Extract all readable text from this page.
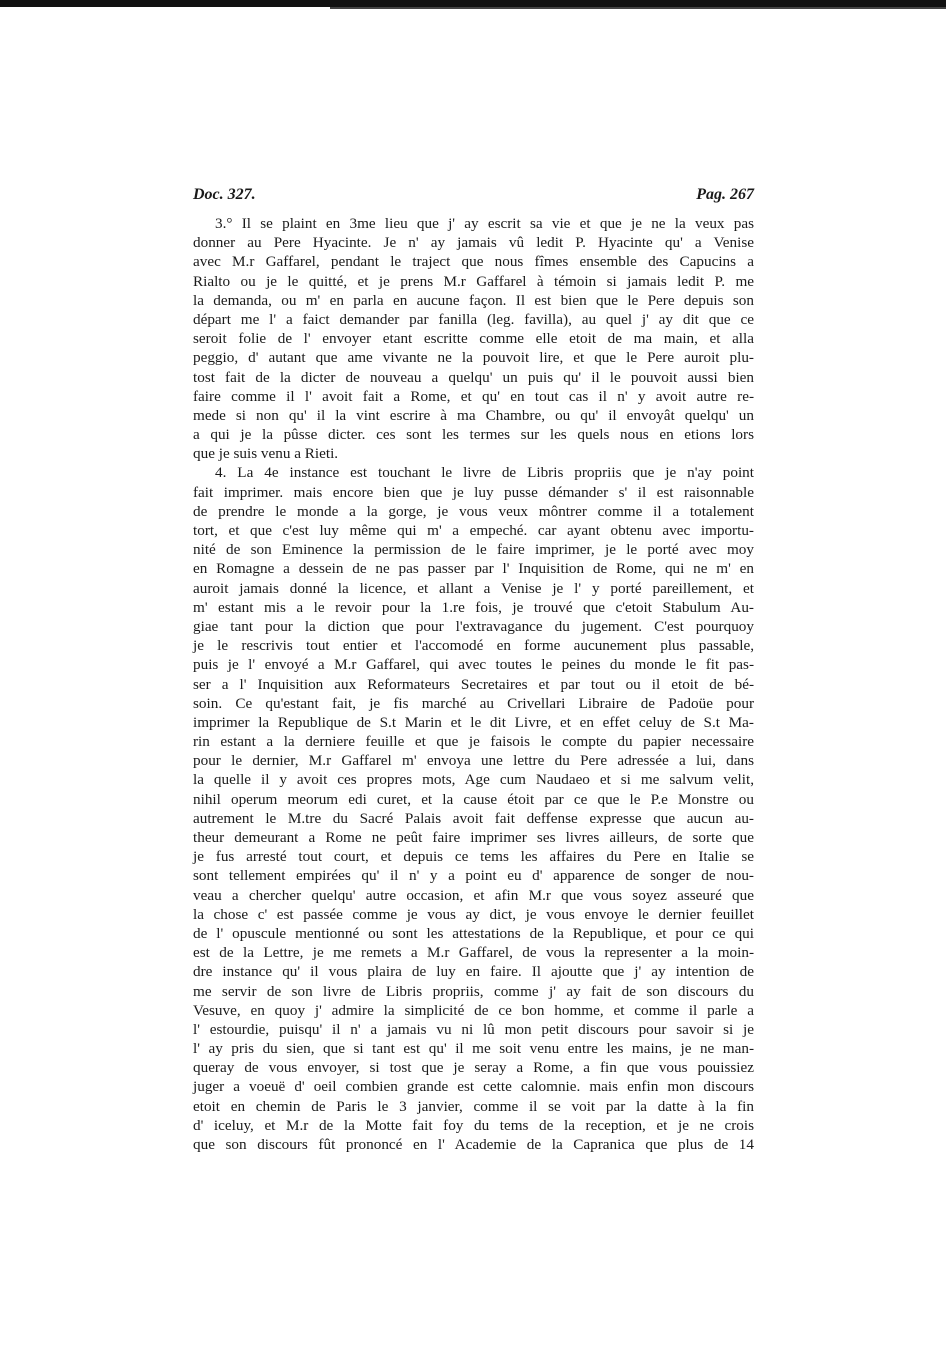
Doc. 327.	Pag. 267
3.° Il se plaint en 3me lieu que j' ay escrit sa vie et que je ne la veux pas
donner au Pere Hyacinte. Je n' ay jamais vû ledit P. Hyacinte qu' a Venise
avec M.r Gaffarel, pendant le traject que nous fîmes ensemble des Capucins a
Rialto ou je le quitté, et je prens M.r Gaffarel à témoin si jamais ledit P. me
la demanda, ou m' en parla en aucune façon. Il est bien que le Pere depuis son
départ me l' a faict demander par fanilla (leg. favilla), au quel j' ay dit que ce
seroit folie de l' envoyer etant escritte comme elle etoit de ma main, et alla
peggio, d' autant que ame vivante ne la pouvoit lire, et que le Pere auroit plu-
tost fait de la dicter de nouveau a quelqu' un puis qu' il le pouvoit aussi bien
faire comme il l' avoit fait a Rome, et qu' en tout cas il n' y avoit autre re-
mede si non qu' il la vint escrire à ma Chambre, ou qu' il envoyât quelqu' un
a qui je la pûsse dicter. ces sont les termes sur les quels nous en etions lors
que je suis venu a Rieti.
4. La 4e instance est touchant le livre de Libris propriis que je n'ay point
fait imprimer. mais encore bien que je luy pusse démander s' il est raisonnable
de prendre le monde a la gorge, je vous veux môntrer comme il a totalement
tort, et que c'est luy même qui m' a empeché. car ayant obtenu avec importu-
nité de son Eminence la permission de le faire imprimer, je le porté avec moy
en Romagne a dessein de ne pas passer par l' Inquisition de Rome, qui ne m' en
auroit jamais donné la licence, et allant a Venise je l' y porté pareillement, et
m' estant mis a le revoir pour la 1.re fois, je trouvé que c'etoit Stabulum Au-
giae tant pour la diction que pour l'extravagance du jugement. C'est pourquoy
je le rescrivis tout entier et l'accomodé en forme aucunement plus passable,
puis je l' envoyé a M.r Gaffarel, qui avec toutes le peines du monde le fit pas-
ser a l' Inquisition aux Reformateurs Secretaires et par tout ou il etoit de bé-
soin. Ce qu'estant fait, je fis marché au Crivellari Libraire de Padoüe pour
imprimer la Republique de S.t Marin et le dit Livre, et en effet celuy de S.t Ma-
rin estant a la derniere feuille et que je faisois le compte du papier necessaire
pour le dernier, M.r Gaffarel m' envoya une lettre du Pere adressée a lui, dans
la quelle il y avoit ces propres mots, Age cum Naudaeo et si me salvum velit,
nihil operum meorum edi curet, et la cause étoit par ce que le P.e Monstre ou
autrement le M.tre du Sacré Palais avoit fait deffense expresse que aucun au-
theur demeurant a Rome ne peût faire imprimer ses livres ailleurs, de sorte que
je fus arresté tout court, et depuis ce tems les affaires du Pere en Italie se
sont tellement empirées qu' il n' y a point eu d' apparence de songer de nou-
veau a chercher quelqu' autre occasion, et afin M.r que vous soyez asseuré que
la chose c' est passée comme je vous ay dict, je vous envoye le dernier feuillet
de l' opuscule mentionné ou sont les attestations de la Republique, et pour ce qui
est de la Lettre, je me remets a M.r Gaffarel, de vous la representer a la moin-
dre instance qu' il vous plaira de luy en faire. Il ajoutte que j' ay intention de
me servir de son livre de Libris propriis, comme j' ay fait de son discours du
Vesuve, en quoy j' admire la simplicité de ce bon homme, et comme il parle a
l' estourdie, puisqu' il n' a jamais vu ni lû mon petit discours pour savoir si je
l' ay pris du sien, que si tant est qu' il me soit venu entre les mains, je ne man-
queray de vous envoyer, si tost que je seray a Rome, a fin que vous pouissiez
juger a voeuë d' oeil combien grande est cette calomnie. mais enfin mon discours
etoit en chemin de Paris le 3 janvier, comme il se voit par la datte à la fin
d' iceluy, et M.r de la Motte fait foy du tems de la reception, et je ne crois
que son discours fût prononcé en l' Academie de la Capranica que plus de 14
